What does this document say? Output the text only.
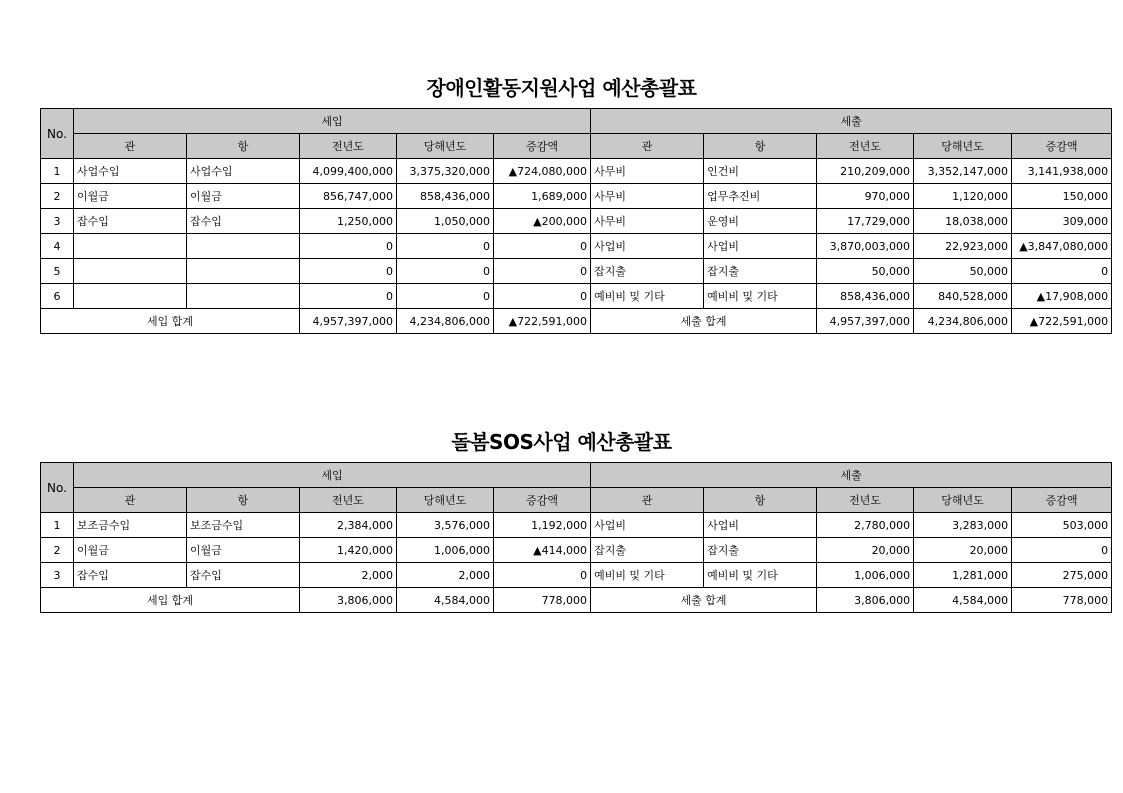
장애인활동지원사업 예산총괄표
No.	세입					세출				
	관	항	전년도	당해년도	증감액	관	항	전년도	당해년도	증감액
1	사업수입	사업수입	4,099,400,000	3,375,320,000	▲724,080,000	사무비	인건비	210,209,000	3,352,147,000	3,141,938,000
2	이월금	이월금	856,747,000	858,436,000	1,689,000	사무비	업무추진비	970,000	1,120,000	150,000
3	잡수입	잡수입	1,250,000	1,050,000	▲200,000	사무비	운영비	17,729,000	18,038,000	309,000
4			0	0	0	사업비	사업비	3,870,003,000	22,923,000	▲3,847,080,000
5			0	0	0	잡지출	잡지출	50,000	50,000	0
6			0	0	0	예비비 및 기타	예비비 및 기타	858,436,000	840,528,000	▲17,908,000
세입 합계			4,957,397,000	4,234,806,000	▲722,591,000	세출 합계		4,957,397,000	4,234,806,000	▲722,591,000
돌봄SOS사업 예산총괄표
No.	세입					세출				
	관	항	전년도	당해년도	증감액	관	항	전년도	당해년도	증감액
1	보조금수입	보조금수입	2,384,000	3,576,000	1,192,000	사업비	사업비	2,780,000	3,283,000	503,000
2	이월금	이월금	1,420,000	1,006,000	▲414,000	잡지출	잡지출	20,000	20,000	0
3	잡수입	잡수입	2,000	2,000	0	예비비 및 기타	예비비 및 기타	1,006,000	1,281,000	275,000
세입 합계			3,806,000	4,584,000	778,000	세출 합계		3,806,000	4,584,000	778,000
